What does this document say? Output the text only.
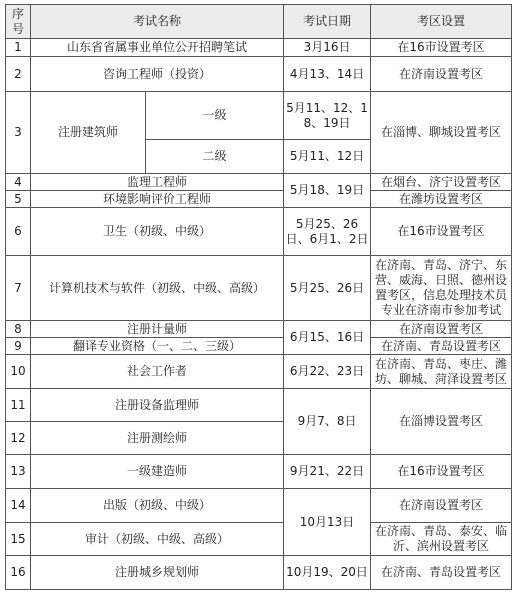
序号	考试名称		考试日期	考区设置
1	山东省省属事业单位公开招聘笔试		3月16日	在16市设置考区
2	咨询工程师（投资）		4月13、14日	在济南设置考区
3	注册建筑师	一级	5月11、12、18、19日	在淄博、聊城设置考区
		二级	5月11、12日	
4	监理工程师		5月18、19日	在烟台、济宁设置考区
5	环境影响评价工程师			在潍坊设置考区
6	卫生（初级、中级）		5月25、26日、6月1、2日	在16市设置考区
7	计算机技术与软件（初级、中级、高级）		5月25、26日	在济南、青岛、济宁、东营、威海、日照、德州设置考区，信息处理技术员专业在济南市参加考试
8	注册计量师		6月15、16日	在济南设置考区
9	翻译专业资格（一、二、三级）			在济南、青岛设置考区
10	社会工作者		6月22、23日	在济南、青岛、枣庄、潍坊、聊城、菏泽设置考区
11	注册设备监理师		9月7、8日	在淄博设置考区
12	注册测绘师			
13	一级建造师		9月21、22日	在16市设置考区
14	出版（初级、中级）		10月13日	在济南设置考区
15	审计（初级、中级、高级）			在济南、青岛、泰安、临沂、滨州设置考区
16	注册城乡规划师		10月19、20日	在济南、青岛设置考区
